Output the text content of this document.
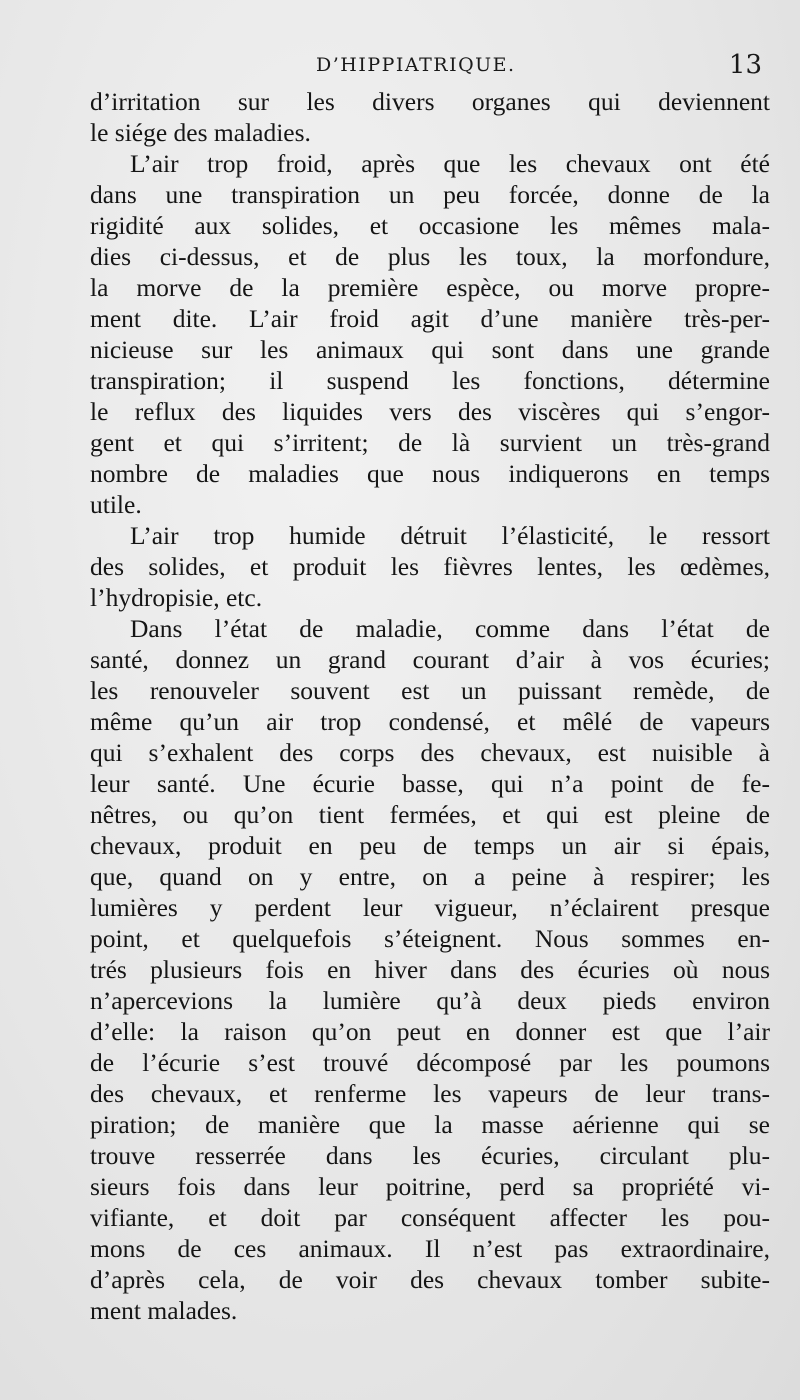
D’HIPPIATRIQUE.	13
d’irritation sur les divers organes qui deviennent
le siége des maladies.
L’air trop froid, après que les chevaux ont été
dans une transpiration un peu forcée, donne de la
rigidité aux solides, et occasione les mêmes mala-
dies ci-dessus, et de plus les toux, la morfondure,
la morve de la première espèce, ou morve propre-
ment dite. L’air froid agit d’une manière très-per-
nicieuse sur les animaux qui sont dans une grande
transpiration; il suspend les fonctions, détermine
le reflux des liquides vers des viscères qui s’engor-
gent et qui s’irritent; de là survient un très-grand
nombre de maladies que nous indiquerons en temps
utile.
L’air trop humide détruit l’élasticité, le ressort
des solides, et produit les fièvres lentes, les œdèmes,
l’hydropisie, etc.
Dans l’état de maladie, comme dans l’état de
santé, donnez un grand courant d’air à vos écuries;
les renouveler souvent est un puissant remède, de
même qu’un air trop condensé, et mêlé de vapeurs
qui s’exhalent des corps des chevaux, est nuisible à
leur santé. Une écurie basse, qui n’a point de fe-
nêtres, ou qu’on tient fermées, et qui est pleine de
chevaux, produit en peu de temps un air si épais,
que, quand on y entre, on a peine à respirer; les
lumières y perdent leur vigueur, n’éclairent presque
point, et quelquefois s’éteignent. Nous sommes en-
trés plusieurs fois en hiver dans des écuries où nous
n’apercevions la lumière qu’à deux pieds environ
d’elle: la raison qu’on peut en donner est que l’air
de l’écurie s’est trouvé décomposé par les poumons
des chevaux, et renferme les vapeurs de leur trans-
piration; de manière que la masse aérienne qui se
trouve resserrée dans les écuries, circulant plu-
sieurs fois dans leur poitrine, perd sa propriété vi-
vifiante, et doit par conséquent affecter les pou-
mons de ces animaux. Il n’est pas extraordinaire,
d’après cela, de voir des chevaux tomber subite-
ment malades.
